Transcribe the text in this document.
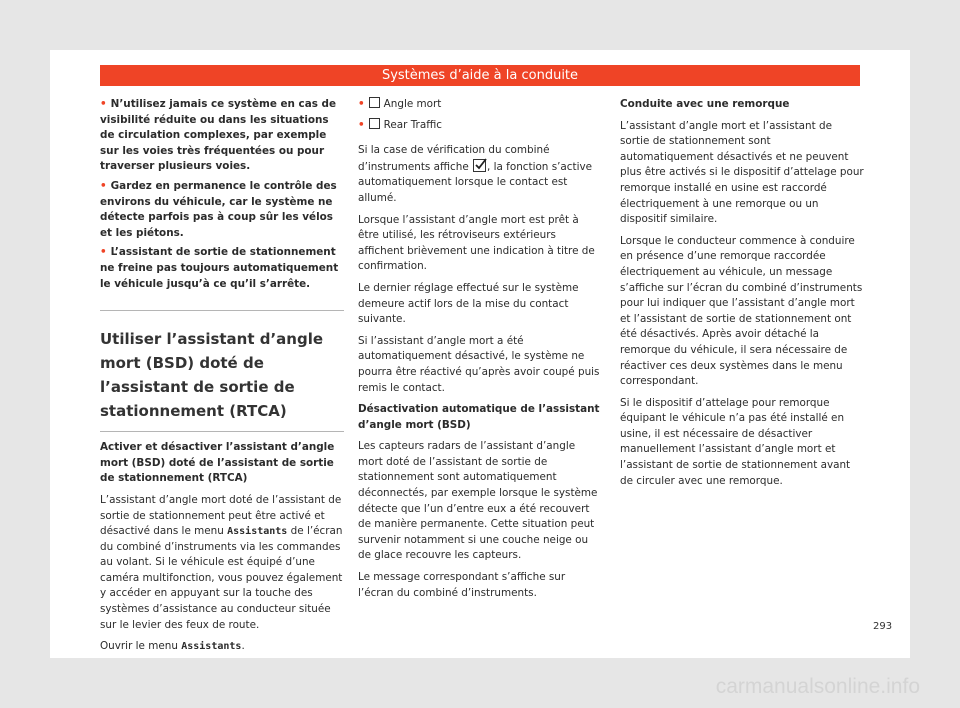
Systèmes d’aide à la conduite
• N’utilisez jamais ce système en cas de visibilité réduite ou dans les situations de circulation complexes, par exemple sur les voies très fréquentées ou pour traverser plusieurs voies.
• Gardez en permanence le contrôle des environs du véhicule, car le système ne détecte parfois pas à coup sûr les vélos et les piétons.
• L’assistant de sortie de stationnement ne freine pas toujours automatiquement le véhicule jusqu’à ce qu’il s’arrête.
Utiliser l’assistant d’angle mort (BSD) doté de l’assistant de sortie de stationnement (RTCA)

Activer et désactiver l’assistant d’angle mort (BSD) doté de l’assistant de sortie de stationnement (RTCA)

L’assistant d’angle mort doté de l’assistant de sortie de stationnement peut être activé et désactivé dans le menu Assistants de l’écran du combiné d’instruments via les commandes au volant. Si le véhicule est équipé d’une caméra multifonction, vous pouvez également y accéder en appuyant sur la touche des systèmes d’assistance au conducteur située sur le levier des feux de route.

Ouvrir le menu Assistants.

• Angle mort
• Rear Traffic

Si la case de vérification du combiné d’instruments affiche
, la fonction s’active automatiquement lorsque le contact est allumé.

Lorsque l’assistant d’angle mort est prêt à être utilisé, les rétroviseurs extérieurs affichent brièvement une indication à titre de confirmation.

Le dernier réglage effectué sur le système demeure actif lors de la mise du contact suivante.

Si l’assistant d’angle mort a été automatiquement désactivé, le système ne pourra être réactivé qu’après avoir coupé puis remis le contact.

Désactivation automatique de l’assistant d’angle mort (BSD)

Les capteurs radars de l’assistant d’angle mort doté de l’assistant de sortie de stationnement sont automatiquement déconnectés, par exemple lorsque le système détecte que l’un d’entre eux a été recouvert de manière permanente. Cette situation peut survenir notamment si une couche neige ou de glace recouvre les capteurs.

Le message correspondant s’affiche sur l’écran du combiné d’instruments.

Conduite avec une remorque

L’assistant d’angle mort et l’assistant de sortie de stationnement sont automatiquement désactivés et ne peuvent plus être activés si le dispositif d’attelage pour remorque installé en usine est raccordé électriquement à une remorque ou un dispositif similaire.

Lorsque le conducteur commence à conduire en présence d’une remorque raccordée électriquement au véhicule, un message s’affiche sur l’écran du combiné d’instruments pour lui indiquer que l’assistant d’angle mort et l’assistant de sortie de stationnement ont été désactivés. Après avoir détaché la remorque du véhicule, il sera nécessaire de réactiver ces deux systèmes dans le menu correspondant.

Si le dispositif d’attelage pour remorque équipant le véhicule n’a pas été installé en usine, il est nécessaire de désactiver manuellement l’assistant d’angle mort et l’assistant de sortie de stationnement avant de circuler avec une remorque.

293
carmanualsonline.info
